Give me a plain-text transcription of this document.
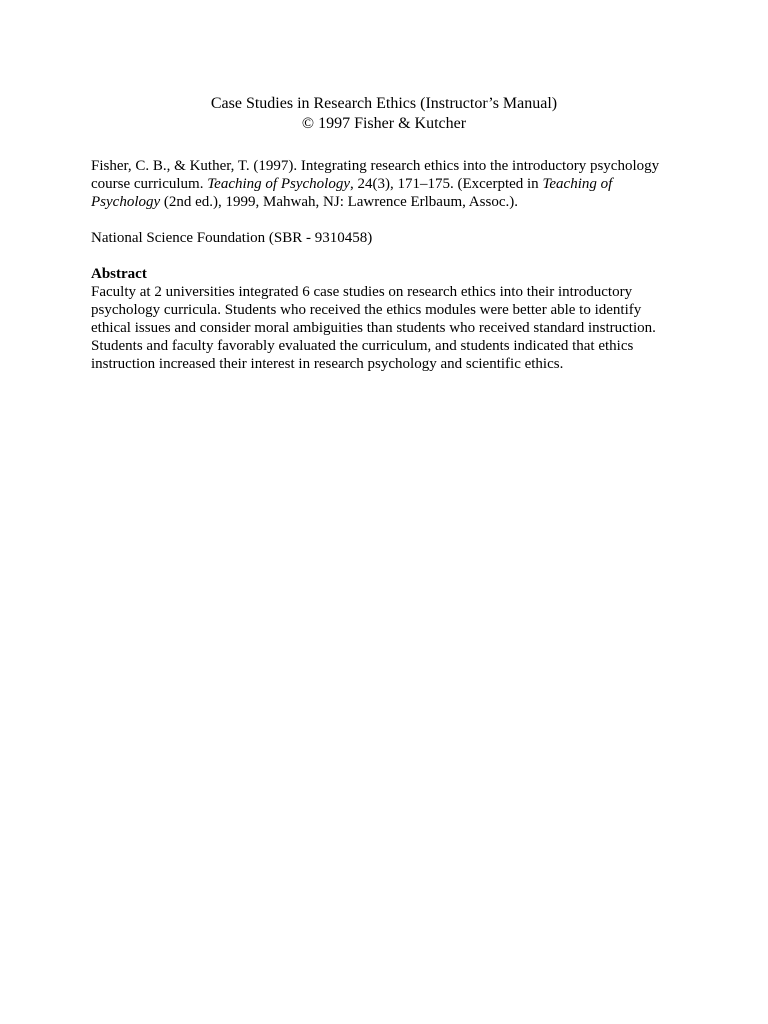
Case Studies in Research Ethics (Instructor’s Manual)
© 1997 Fisher & Kutcher

Fisher, C. B., & Kuther, T. (1997). Integrating research ethics into the introductory psychology
course curriculum. Teaching of Psychology, 24(3), 171–175. (Excerpted in Teaching of
Psychology (2nd ed.), 1999, Mahwah, NJ: Lawrence Erlbaum, Assoc.).

National Science Foundation (SBR - 9310458)

Abstract

Faculty at 2 universities integrated 6 case studies on research ethics into their introductory
psychology curricula. Students who received the ethics modules were better able to identify
ethical issues and consider moral ambiguities than students who received standard instruction.
Students and faculty favorably evaluated the curriculum, and students indicated that ethics
instruction increased their interest in research psychology and scientific ethics.
